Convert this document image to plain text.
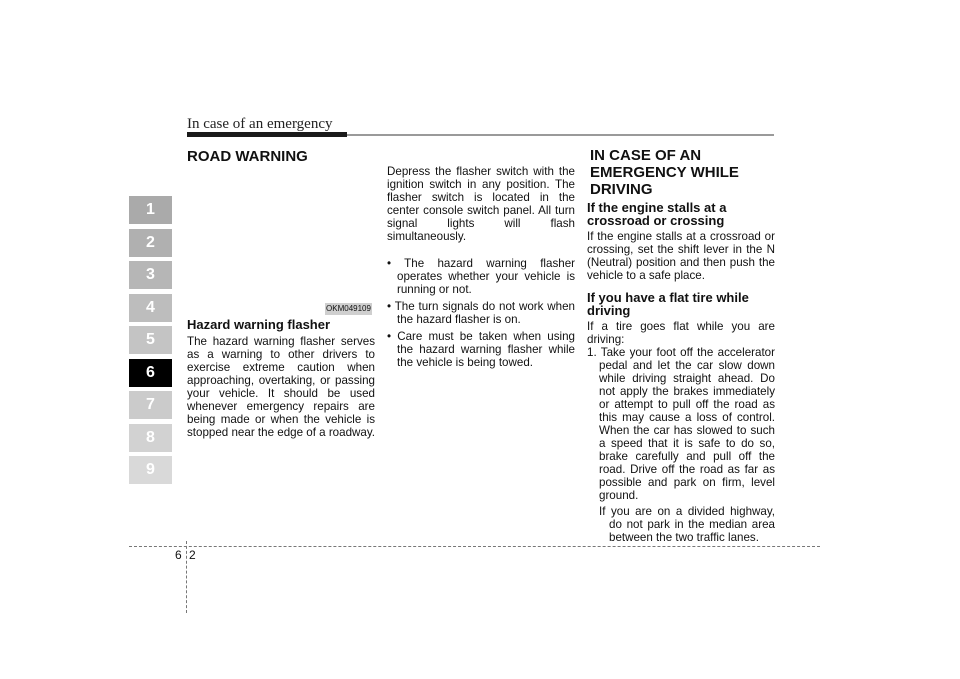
In case of an emergency
1
2
3
4
5
6
7
8
9
ROAD WARNING
OKM049109

Hazard warning flasher

The hazard warning flasher serves as a warning to other drivers to exercise extreme caution when approaching, overtaking, or passing your vehicle. It should be used whenever emergency repairs are being made or when the vehicle is stopped near the edge of a roadway.

Depress the flasher switch with the ignition switch in any position. The flasher switch is located in the center console switch panel. All turn signal lights will flash simultaneously.

• The hazard warning flasher operates whether your vehicle is running or not.

• The turn signals do not work when the hazard flasher is on.

• Care must be taken when using the hazard warning flasher while the vehicle is being towed.

IN CASE OF AN EMERGENCY WHILE DRIVING

If the engine stalls at a crossroad or crossing

If the engine stalls at a crossroad or crossing, set the shift lever in the N (Neutral) position and then push the vehicle to a safe place.

If you have a flat tire while driving

If a tire goes flat while you are driving:

1. Take your foot off the accelerator pedal and let the car slow down while driving straight ahead. Do not apply the brakes immediately or attempt to pull off the road as this may cause a loss of control. When the car has slowed to such a speed that it is safe to do so, brake carefully and pull off the road. Drive off the road as far as possible and park on firm, level ground.

If you are on a divided highway, do not park in the median area between the two traffic lanes.

6 2
